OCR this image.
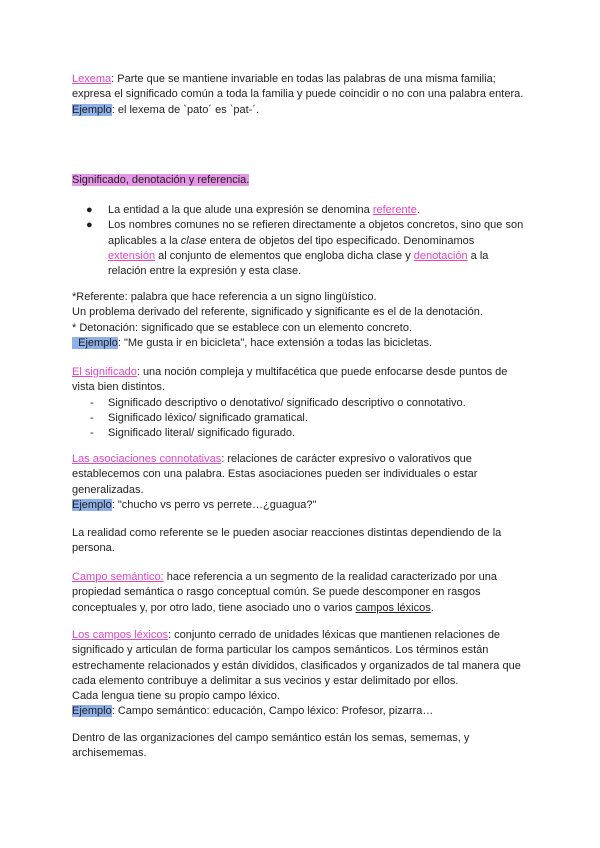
Lexema: Parte que se mantiene invariable en todas las palabras de una misma familia;
expresa el significado común a toda la familia y puede coincidir o no con una palabra entera.
Ejemplo: el lexema de `pato´ es `pat-´.
Significado, denotación y referencia.
● La entidad a la que alude una expresión se denomina referente.
● Los nombres comunes no se refieren directamente a objetos concretos, sino que son
aplicables a la clase entera de objetos del tipo especificado. Denominamos
extensión al conjunto de elementos que engloba dicha clase y denotación a la
relación entre la expresión y esta clase.
*Referente: palabra que hace referencia a un signo lingüístico.
Un problema derivado del referente, significado y significante es el de la denotación.
* Detonación: significado que se establece con un elemento concreto.
Ejemplo: "Me gusta ir en bicicleta", hace extensión a todas las bicicletas.
El significado: una noción compleja y multifacética que puede enfocarse desde puntos de
vista bien distintos.
- Significado descriptivo o denotativo/ significado descriptivo o connotativo.
- Significado léxico/ significado gramatical.
- Significado literal/ significado figurado.
Las asociaciones connotativas: relaciones de carácter expresivo o valorativos que
establecemos con una palabra. Estas asociaciones pueden ser individuales o estar
generalizadas.
Ejemplo: "chucho vs perro vs perrete…¿guagua?"
La realidad como referente se le pueden asociar reacciones distintas dependiendo de la
persona.
Campo semántico: hace referencia a un segmento de la realidad caracterizado por una
propiedad semántica o rasgo conceptual común. Se puede descomponer en rasgos
conceptuales y, por otro lado, tiene asociado uno o varios campos léxicos.
Los campos léxicos: conjunto cerrado de unidades léxicas que mantienen relaciones de
significado y articulan de forma particular los campos semánticos. Los términos están
estrechamente relacionados y están divididos, clasificados y organizados de tal manera que
cada elemento contribuye a delimitar a sus vecinos y estar delimitado por ellos.
Cada lengua tiene su propio campo léxico.
Ejemplo: Campo semántico: educación, Campo léxico: Profesor, pizarra…
Dentro de las organizaciones del campo semántico están los semas, sememas, y
archisememas.
